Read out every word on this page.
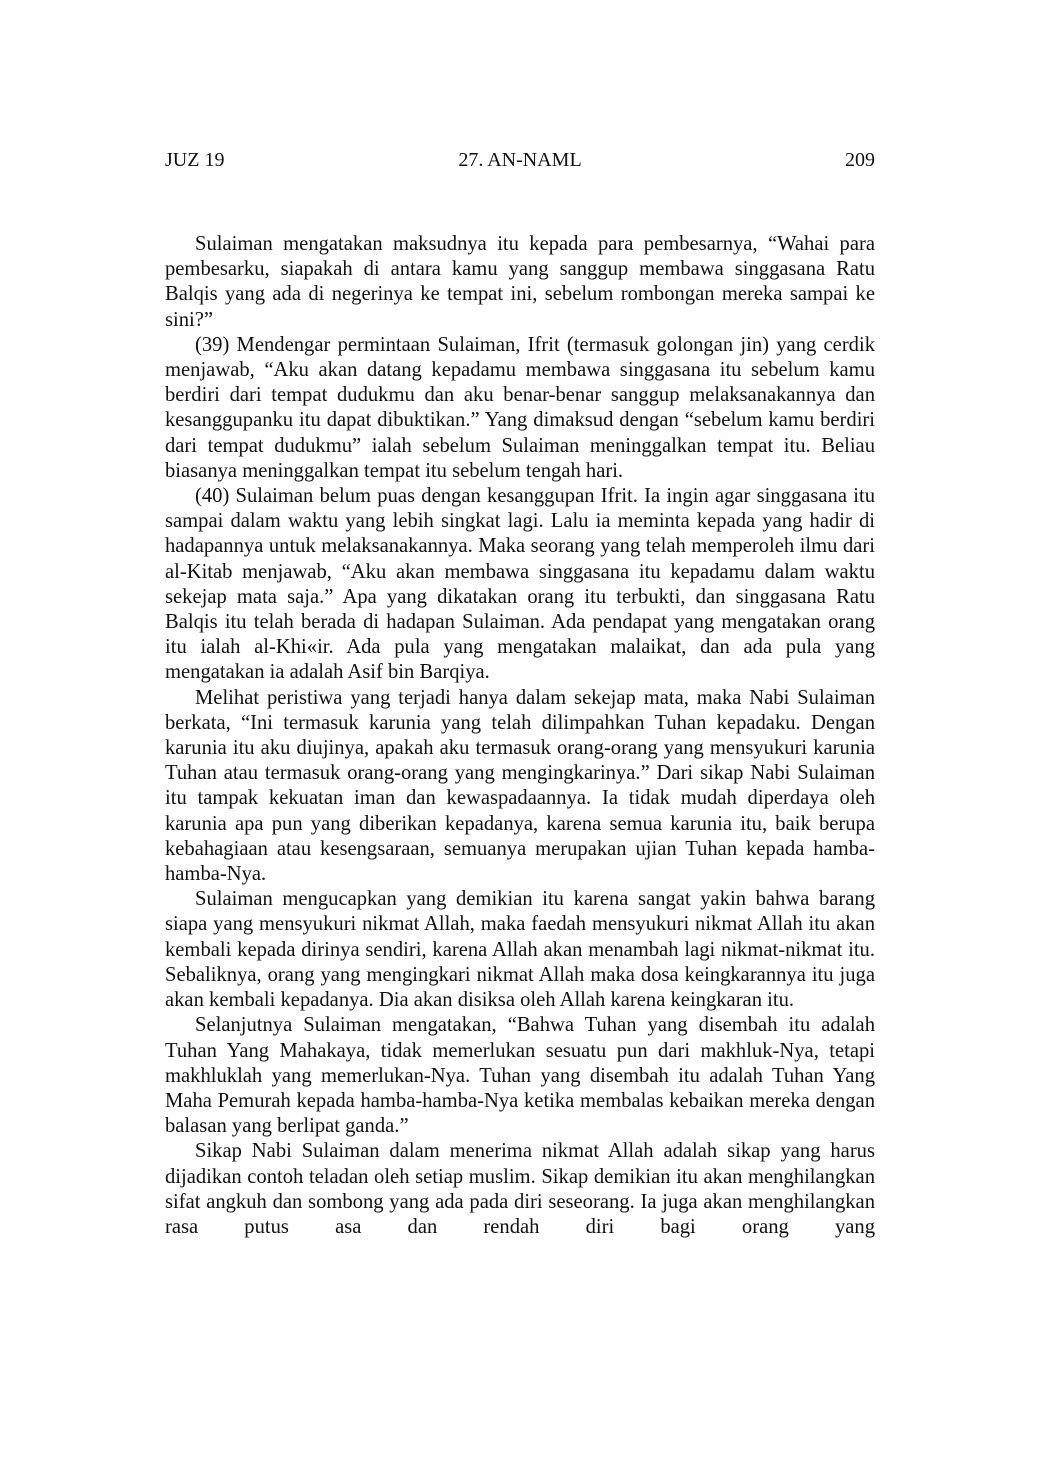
JUZ 19	27. AN-NAML	209

Sulaiman mengatakan maksudnya itu kepada para pembesarnya, “Wahai para pembesarku, siapakah di antara kamu yang sanggup membawa singgasana Ratu Balqis yang ada di negerinya ke tempat ini, sebelum rombongan mereka sampai ke sini?”

(39) Mendengar permintaan Sulaiman, Ifrit (termasuk golongan jin) yang cerdik menjawab, “Aku akan datang kepadamu membawa singgasana itu sebelum kamu berdiri dari tempat dudukmu dan aku benar-benar sanggup melaksanakannya dan kesanggupanku itu dapat dibuktikan.” Yang dimaksud dengan “sebelum kamu berdiri dari tempat dudukmu” ialah sebelum Sulaiman meninggalkan tempat itu. Beliau biasanya meninggalkan tempat itu sebelum tengah hari.

(40) Sulaiman belum puas dengan kesanggupan Ifrit. Ia ingin agar singgasana itu sampai dalam waktu yang lebih singkat lagi. Lalu ia meminta kepada yang hadir di hadapannya untuk melaksanakannya. Maka seorang yang telah memperoleh ilmu dari al-Kitab menjawab, “Aku akan membawa singgasana itu kepadamu dalam waktu sekejap mata saja.” Apa yang dikatakan orang itu terbukti, dan singgasana Ratu Balqis itu telah berada di hadapan Sulaiman. Ada pendapat yang mengatakan orang itu ialah al-Khi«ir. Ada pula yang mengatakan malaikat, dan ada pula yang mengatakan ia adalah Asif bin Barqiya.

Melihat peristiwa yang terjadi hanya dalam sekejap mata, maka Nabi Sulaiman berkata, “Ini termasuk karunia yang telah dilimpahkan Tuhan kepadaku. Dengan karunia itu aku diujinya, apakah aku termasuk orang-orang yang mensyukuri karunia Tuhan atau termasuk orang-orang yang mengingkarinya.” Dari sikap Nabi Sulaiman itu tampak kekuatan iman dan kewaspadaannya. Ia tidak mudah diperdaya oleh karunia apa pun yang diberikan kepadanya, karena semua karunia itu, baik berupa kebahagiaan atau kesengsaraan, semuanya merupakan ujian Tuhan kepada hamba-hamba-Nya.

Sulaiman mengucapkan yang demikian itu karena sangat yakin bahwa barang siapa yang mensyukuri nikmat Allah, maka faedah mensyukuri nikmat Allah itu akan kembali kepada dirinya sendiri, karena Allah akan menambah lagi nikmat-nikmat itu. Sebaliknya, orang yang mengingkari nikmat Allah maka dosa keingkarannya itu juga akan kembali kepadanya. Dia akan disiksa oleh Allah karena keingkaran itu.

Selanjutnya Sulaiman mengatakan, “Bahwa Tuhan yang disembah itu adalah Tuhan Yang Mahakaya, tidak memerlukan sesuatu pun dari makhluk-Nya, tetapi makhluklah yang memerlukan-Nya. Tuhan yang disembah itu adalah Tuhan Yang Maha Pemurah kepada hamba-hamba-Nya ketika membalas kebaikan mereka dengan balasan yang berlipat ganda.”

Sikap Nabi Sulaiman dalam menerima nikmat Allah adalah sikap yang harus dijadikan contoh teladan oleh setiap muslim. Sikap demikian itu akan menghilangkan sifat angkuh dan sombong yang ada pada diri seseorang. Ia juga akan menghilangkan rasa putus asa dan rendah diri bagi orang yang
